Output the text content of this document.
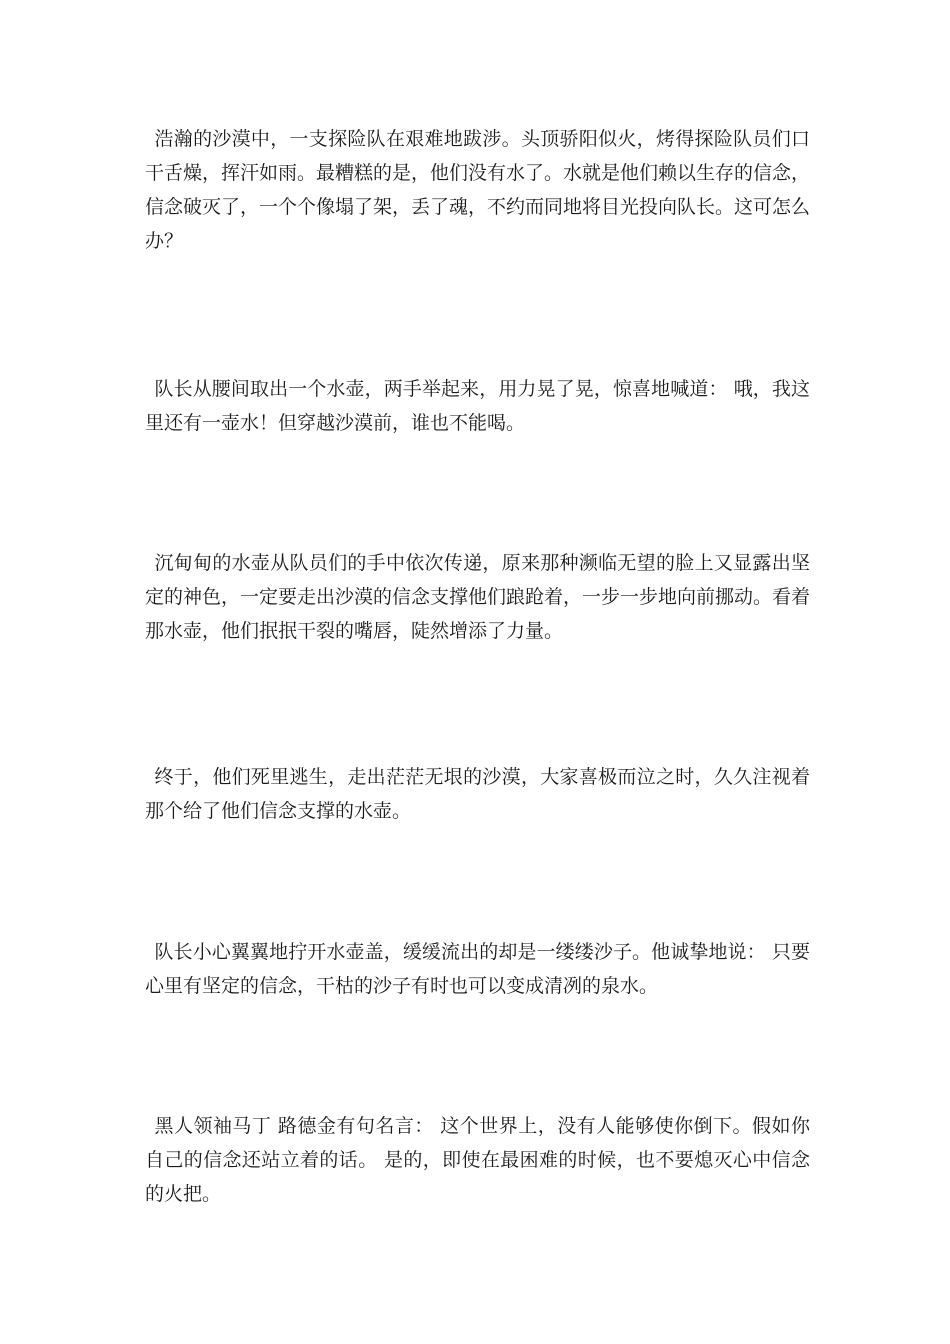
浩瀚的沙漠中，一支探险队在艰难地跋涉。头顶骄阳似火，烤得探险队员们口干舌燥，挥汗如雨。最糟糕的是，他们没有水了。水就是他们赖以生存的信念，信念破灭了，一个个像塌了架，丢了魂，不约而同地将目光投向队长。这可怎么办？

队长从腰间取出一个水壶，两手举起来，用力晃了晃，惊喜地喊道： 哦，我这里还有一壶水！但穿越沙漠前，谁也不能喝。

沉甸甸的水壶从队员们的手中依次传递，原来那种濒临无望的脸上又显露出坚定的神色，一定要走出沙漠的信念支撑他们踉跄着，一步一步地向前挪动。看着那水壶，他们抿抿干裂的嘴唇，陡然增添了力量。

终于，他们死里逃生，走出茫茫无垠的沙漠，大家喜极而泣之时，久久注视着那个给了他们信念支撑的水壶。

队长小心翼翼地拧开水壶盖，缓缓流出的却是一缕缕沙子。他诚挚地说： 只要心里有坚定的信念，干枯的沙子有时也可以变成清冽的泉水。

黑人领袖马丁 路德金有句名言： 这个世界上，没有人能够使你倒下。假如你自己的信念还站立着的话。 是的，即使在最困难的时候，也不要熄灭心中信念的火把。
